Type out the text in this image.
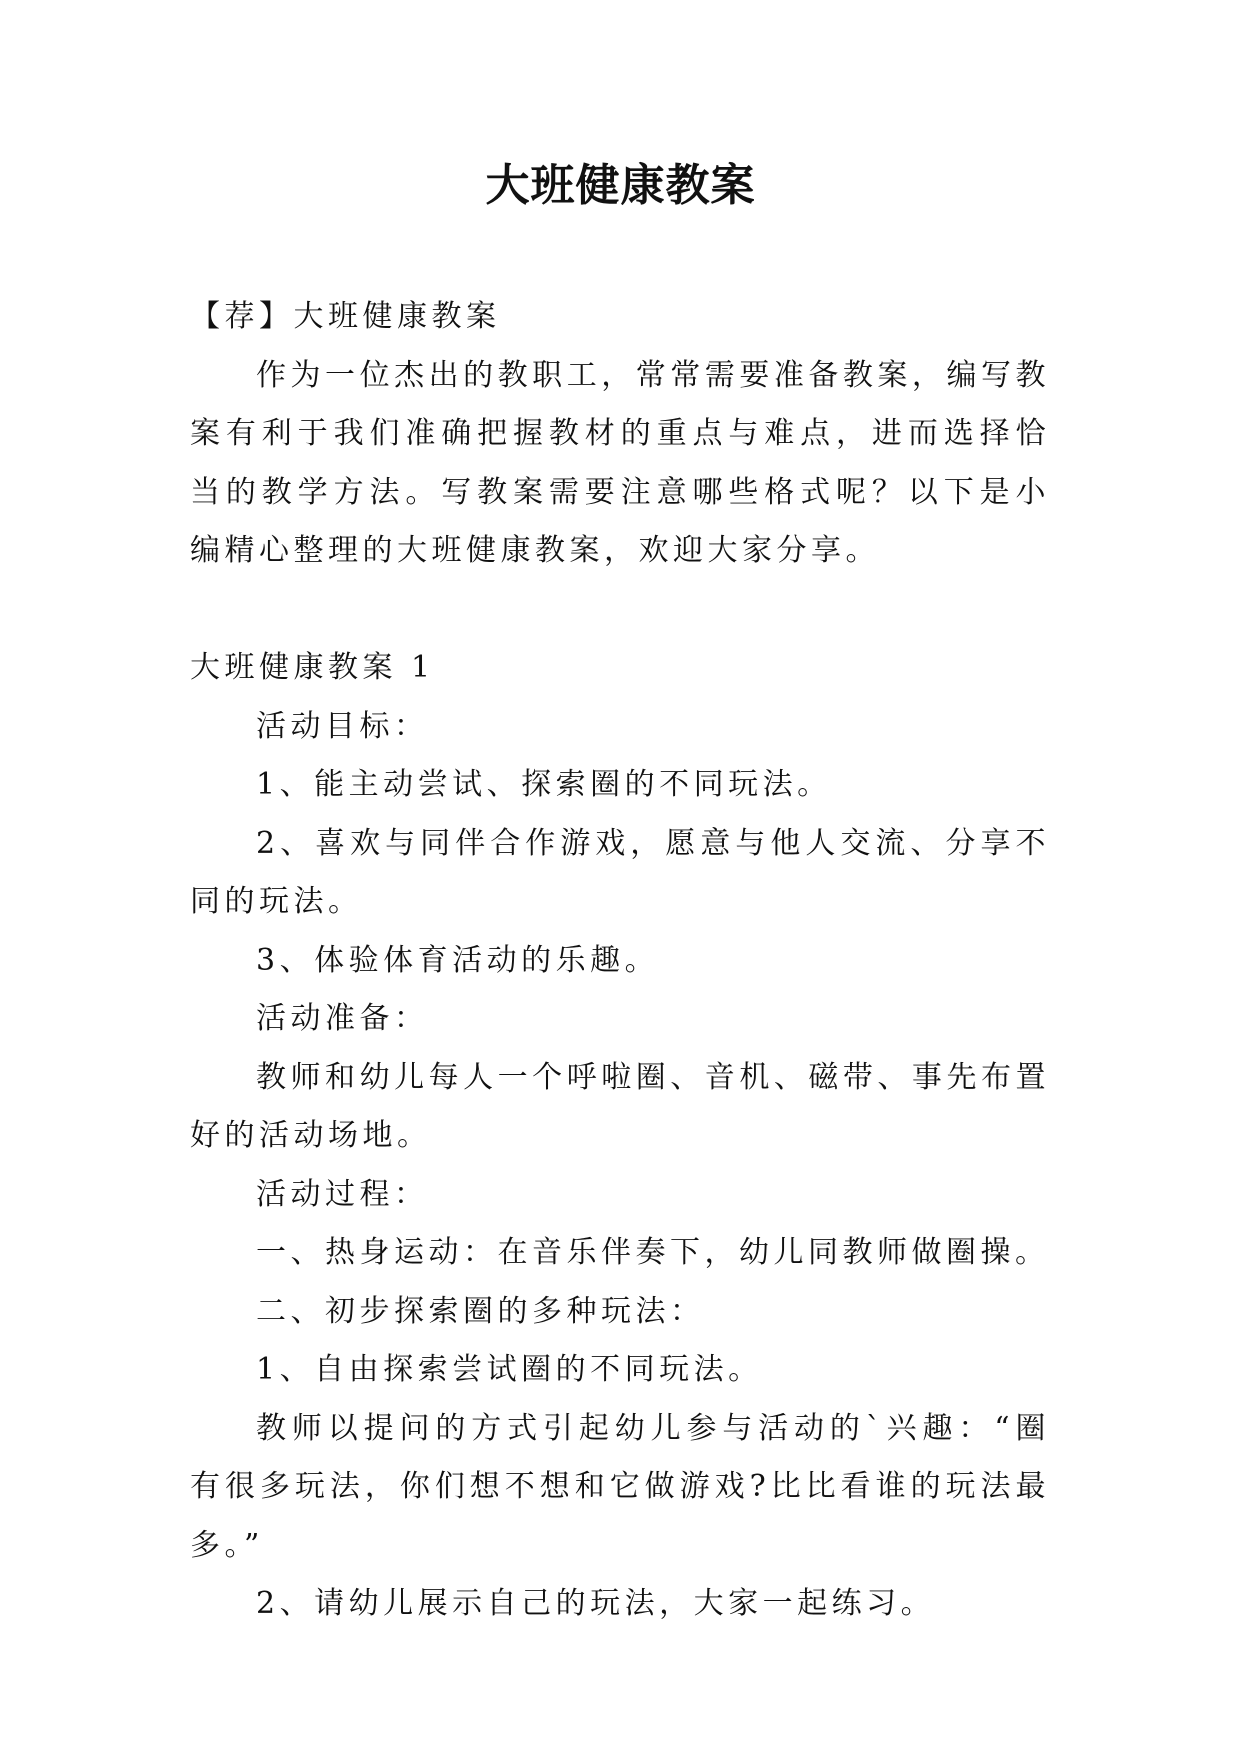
大班健康教案

【荐】大班健康教案

作为一位杰出的教职工，常常需要准备教案，编写教案有利于我们准确把握教材的重点与难点，进而选择恰当的教学方法。写教案需要注意哪些格式呢？以下是小编精心整理的大班健康教案，欢迎大家分享。

大班健康教案 1

活动目标：

1、能主动尝试、探索圈的不同玩法。

2、喜欢与同伴合作游戏，愿意与他人交流、分享不同的玩法。

3、体验体育活动的乐趣。

活动准备：

教师和幼儿每人一个呼啦圈、音机、磁带、事先布置好的活动场地。

活动过程：

一、热身运动：在音乐伴奏下，幼儿同教师做圈操。

二、初步探索圈的多种玩法：

1、自由探索尝试圈的不同玩法。

教师以提问的方式引起幼儿参与活动的`兴趣：“圈有很多玩法，你们想不想和它做游戏?比比看谁的玩法最多。”

2、请幼儿展示自己的玩法，大家一起练习。
